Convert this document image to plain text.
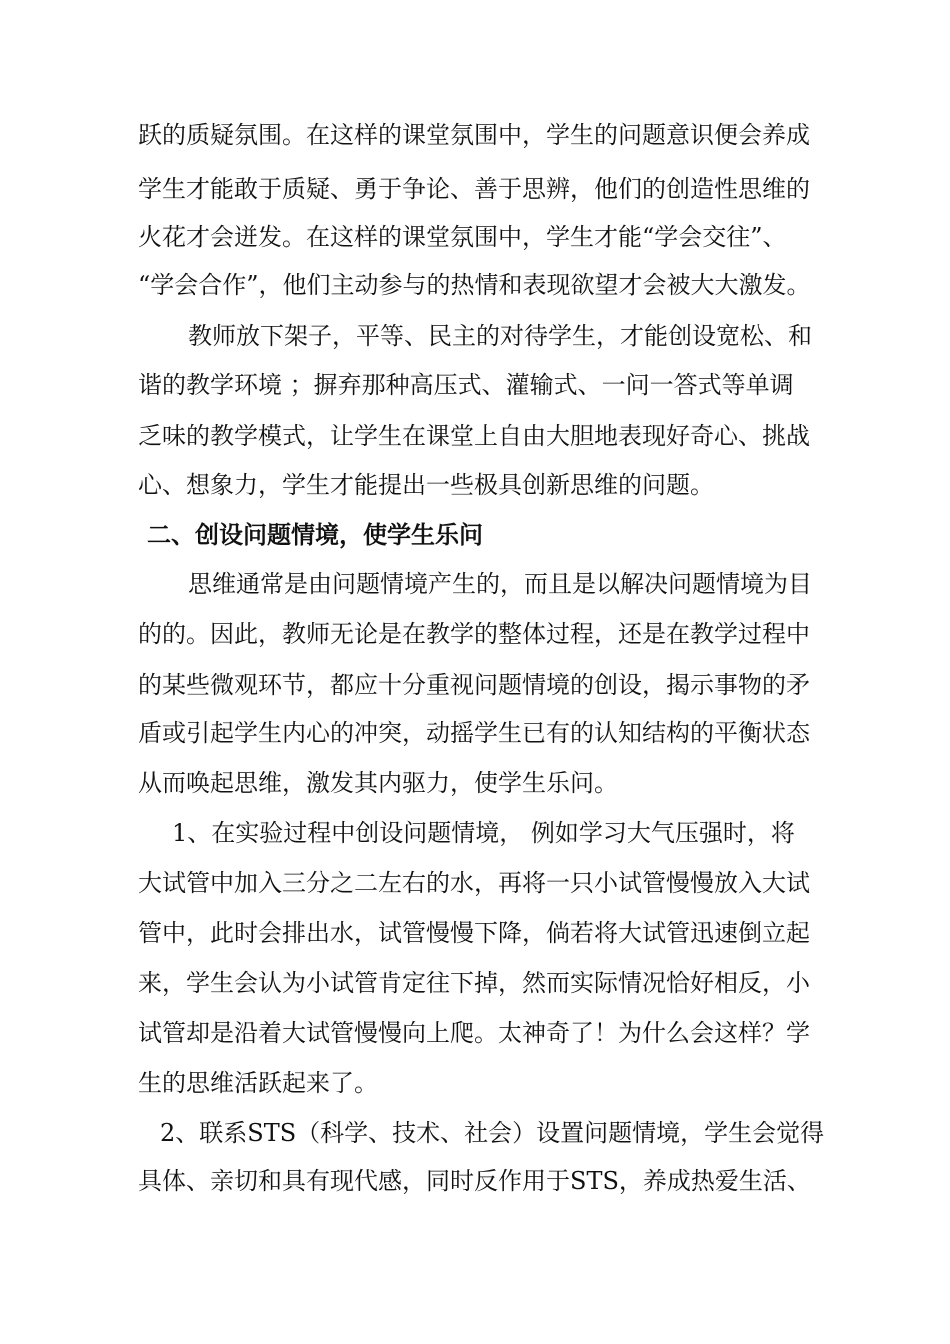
跃的质疑氛围。在这样的课堂氛围中，学生的问题意识便会养成
学生才能敢于质疑、勇于争论、善于思辨，他们的创造性思维的
火花才会迸发。在这样的课堂氛围中，学生才能“学会交往”、
“学会合作”，他们主动参与的热情和表现欲望才会被大大激发。
教师放下架子，平等、民主的对待学生，才能创设宽松、和
谐的教学环境 ；摒弃那种高压式、灌输式、一问一答式等单调
乏味的教学模式，让学生在课堂上自由大胆地表现好奇心、挑战
心、想象力，学生才能提出一些极具创新思维的问题。
二、创设问题情境，使学生乐问
思维通常是由问题情境产生的，而且是以解决问题情境为目
的的。因此，教师无论是在教学的整体过程，还是在教学过程中
的某些微观环节，都应十分重视问题情境的创设，揭示事物的矛
盾或引起学生内心的冲突，动摇学生已有的认知结构的平衡状态
从而唤起思维，激发其内驱力，使学生乐问。
1、在实验过程中创设问题情境， 例如学习大气压强时，将
大试管中加入三分之二左右的水，再将一只小试管慢慢放入大试
管中，此时会排出水，试管慢慢下降，倘若将大试管迅速倒立起
来，学生会认为小试管肯定往下掉，然而实际情况恰好相反，小
试管却是沿着大试管慢慢向上爬。太神奇了！为什么会这样？学
生的思维活跃起来了。
2、联系STS（科学、技术、社会）设置问题情境，学生会觉得
具体、亲切和具有现代感，同时反作用于STS，养成热爱生活、
